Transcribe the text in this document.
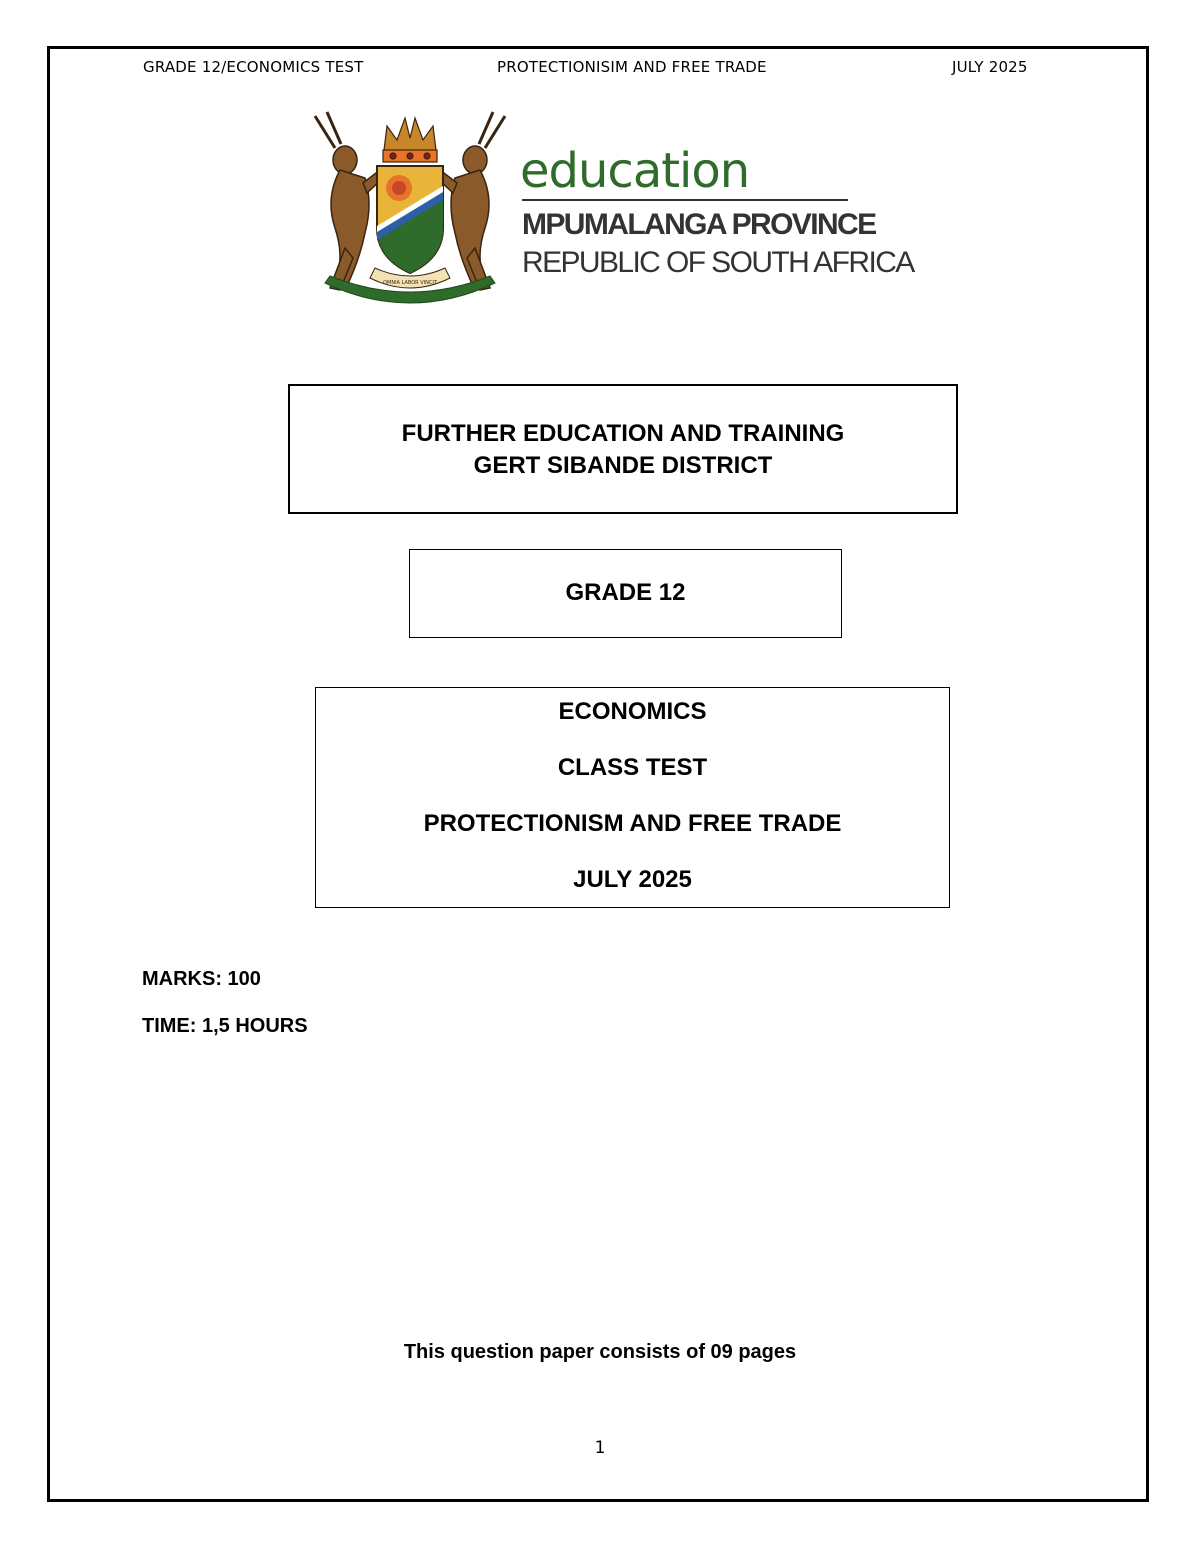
GRADE 12/ECONOMICS TEST	PROTECTIONISIM AND FREE TRADE	JULY 2025
OMNIA LABOR VINCIT
education
MPUMALANGA PROVINCE
REPUBLIC OF SOUTH AFRICA
FURTHER EDUCATION AND TRAINING
GERT SIBANDE DISTRICT
GRADE 12
ECONOMICS
CLASS TEST
PROTECTIONISM AND FREE TRADE
JULY 2025
MARKS: 100
TIME: 1,5 HOURS
This question paper consists of 09 pages
1
